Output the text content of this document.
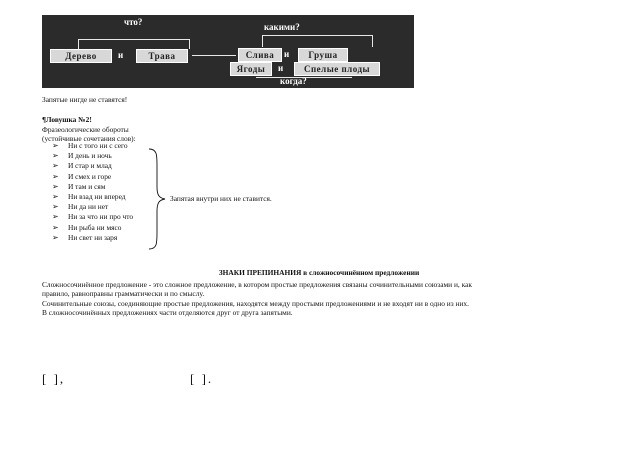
что?	какими?
Дерево	и	Трава	Слива	и	Груша
Ягоды	и	Спелые плоды
когда?
Запятые нигде не ставятся!
¶Ловушка №2!
Фразеологические обороты
(устойчивые сочетания слов):
➢	Ни с того ни с сего
➢	И день и ночь
➢	И стар и млад
➢	И смех и горе
➢	И там и сям
➢	Ни взад ни вперед
➢	Ни да ни нет
➢	Ни за что ни про что
➢	Ни рыба ни мясо
➢	Ни свет ни заря
Запятая внутри них не ставится.
ЗНАКИ ПРЕПИНАНИЯ в сложносочинённом предложении
Сложносочинённое предложение - это сложное предложение, в котором простые предложения связаны сочинительными союзами и, как
правило, равноправны грамматически и по смыслу.
Сочинительные союзы, соединяющие простые предложения, находятся между простыми предложениями и не входят ни в одно из них.
В сложносочинённых предложениях части отделяются друг от друга запятыми.
[ ],	[ ].
